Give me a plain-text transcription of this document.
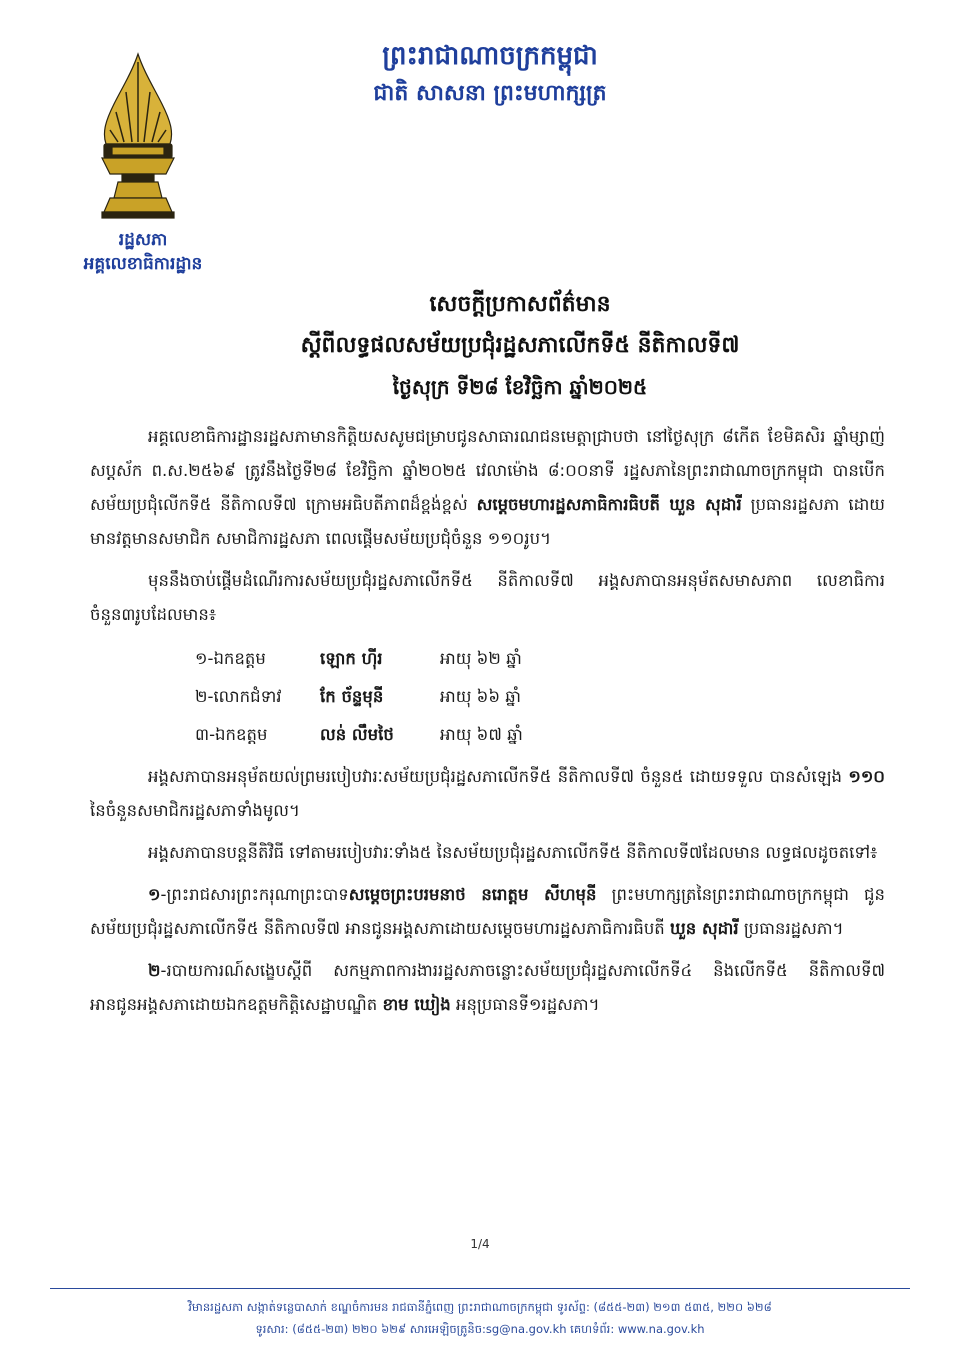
រដ្ឋសភា
អគ្គលេខាធិការដ្ឋាន
ព្រះរាជាណាចក្រកម្ពុជា
ជាតិ សាសនា ព្រះមហាក្សត្រ
សេចក្តីប្រកាសព័ត៌មាន
ស្តីពីលទ្ធផលសម័យប្រជុំរដ្ឋសភាលើកទី៥ នីតិកាលទី៧
ថ្ងៃសុក្រ ទី២៨ ខែវិច្ឆិកា ឆ្នាំ២០២៥

អគ្គលេខាធិការដ្ឋានរដ្ឋសភាមានកិត្តិយសសូមជម្រាបជូនសាធារណជនមេត្តាជ្រាបថា នៅថ្ងៃសុក្រ ៨កើត ខែមិគសិរ ឆ្នាំម្សាញ់ សប្តស័ក ព.ស.២៥៦៩ ត្រូវនឹងថ្ងៃទី២៨ ខែវិច្ឆិកា ឆ្នាំ២០២៥ វេលាម៉ោង ៨:០០នាទី រដ្ឋសភានៃព្រះរាជាណាចក្រកម្ពុជា បានបើកសម័យប្រជុំលើកទី៥ នីតិកាលទី៧ ក្រោមអធិបតីភាពដ៏ខ្ពង់ខ្ពស់ សម្តេចមហារដ្ឋសភាធិការធិបតី ឃួន សុដារី ប្រធានរដ្ឋសភា ដោយមានវត្តមានសមាជិក សមាជិការដ្ឋសភា ពេលផ្តើមសម័យប្រជុំចំនួន ១១០រូប។

មុននឹងចាប់ផ្តើមដំណើរការសម័យប្រជុំរដ្ឋសភាលើកទី៥ នីតិកាលទី៧ អង្គសភាបានអនុម័តសមាសភាព លេខាធិការចំនួន៣រូបដែលមាន៖

១-ឯកឧត្តម	ឡោក ហ៊ីរ	អាយុ ៦២ ឆ្នាំ
២-លោកជំទាវ	កែ ច័ន្ទមុនី	អាយុ ៦៦ ឆ្នាំ
៣-ឯកឧត្តម	លន់ លឹមថៃ	អាយុ ៦៧ ឆ្នាំ

អង្គសភាបានអនុម័តយល់ព្រមរបៀបវារៈសម័យប្រជុំរដ្ឋសភាលើកទី៥ នីតិកាលទី៧ ចំនួន៥ ដោយទទួល បានសំឡេង ១១០ នៃចំនួនសមាជិករដ្ឋសភាទាំងមូល។

អង្គសភាបានបន្តនីតិវិធី ទៅតាមរបៀបវារៈទាំង៥ នៃសម័យប្រជុំរដ្ឋសភាលើកទី៥ នីតិកាលទី៧ដែលមាន លទ្ធផលដូចតទៅ៖

១-ព្រះរាជសារព្រះករុណាព្រះបាទសម្តេចព្រះបរមនាថ នរោត្តម សីហមុនី ព្រះមហាក្សត្រនៃព្រះរាជាណាចក្រកម្ពុជា ជូនសម័យប្រជុំរដ្ឋសភាលើកទី៥ នីតិកាលទី៧ អានជូនអង្គសភាដោយសម្តេចមហារដ្ឋសភាធិការធិបតី ឃួន សុដារី ប្រធានរដ្ឋសភា។

២-របាយការណ៍សង្ខេបស្តីពី សកម្មភាពការងាររដ្ឋសភាចន្លោះសម័យប្រជុំរដ្ឋសភាលើកទី៤ និងលើកទី៥ នីតិកាលទី៧ អានជូនអង្គសភាដោយឯកឧត្តមកិត្តិសេដ្ឋាបណ្ឌិត ខាម ឃៀង អនុប្រធានទី១រដ្ឋសភា។

1/4
វិមានរដ្ឋសភា សង្កាត់ទន្លេបាសាក់ ខណ្ឌចំការមន រាជធានីភ្នំពេញ ព្រះរាជាណាចក្រកម្ពុជា ទូរស័ព្ទ: (៨៥៥-២៣) ២១៣ ៥៣៥, ២២០ ៦២៨
ទូរសារ: (៨៥៥-២៣) ២២០ ៦២៩ សារអេឡិចត្រូនិច:sg@na.gov.kh គេហទំព័រ: www.na.gov.kh
